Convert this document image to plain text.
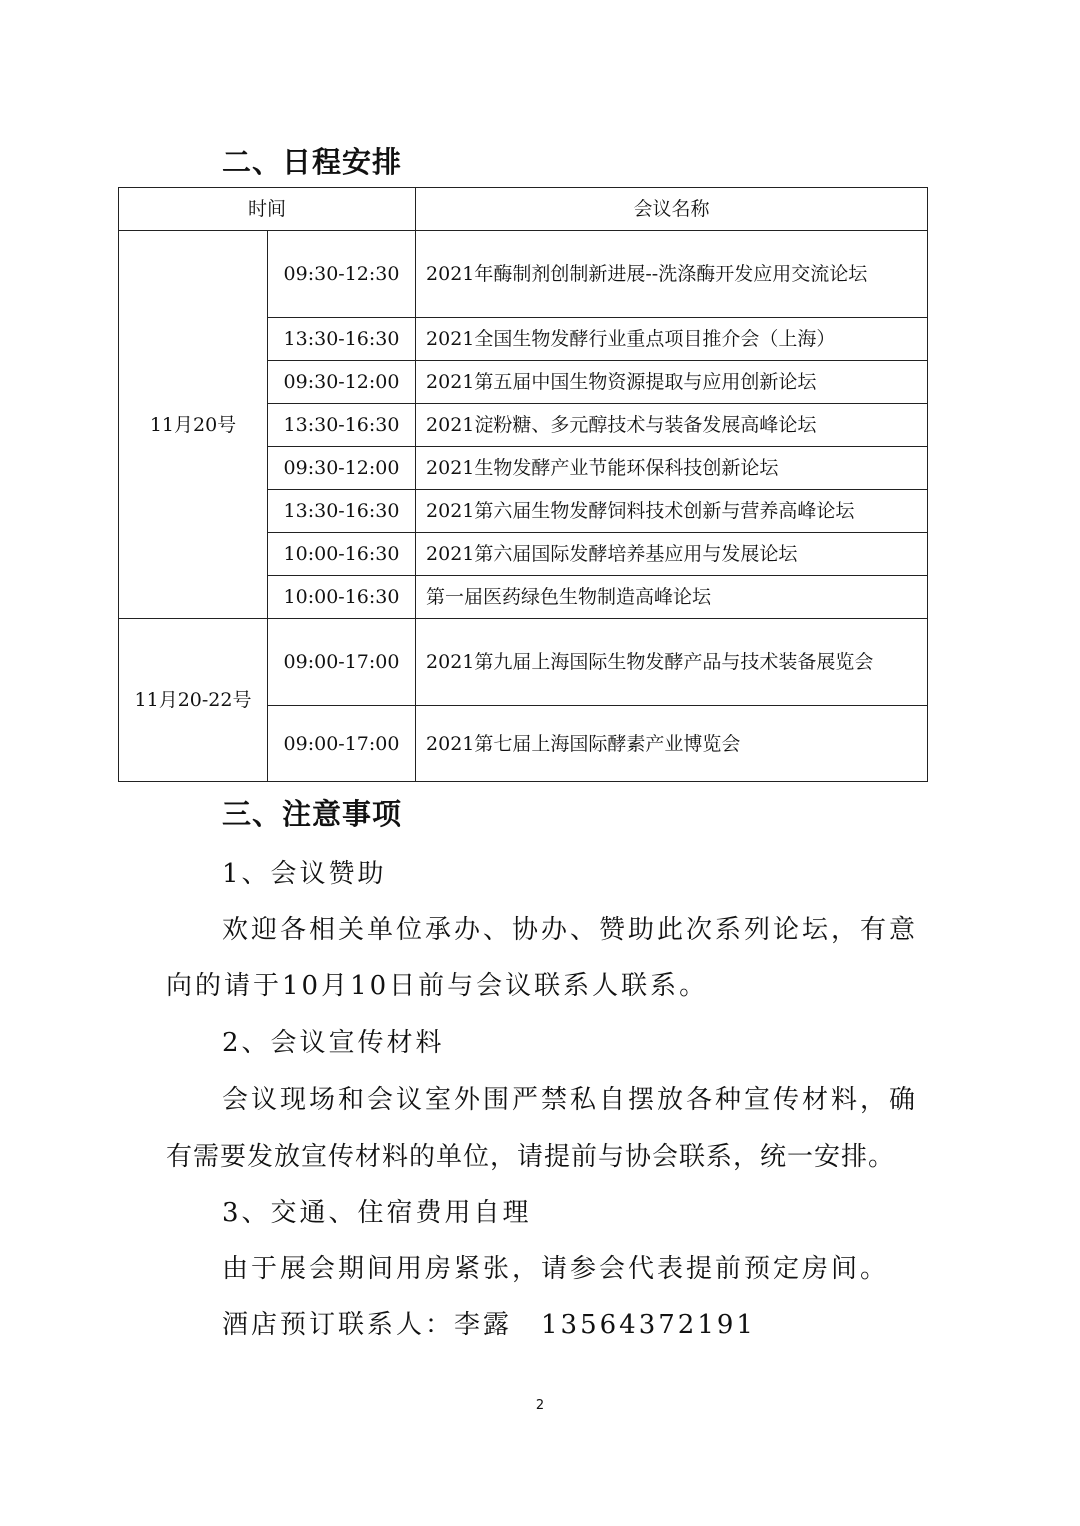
二、日程安排
时间		会议名称
11月20号	09:30-12:30	2021年酶制剂创制新进展--洗涤酶开发应用交流论坛
	13:30-16:30	2021全国生物发酵行业重点项目推介会（上海）
	09:30-12:00	2021第五届中国生物资源提取与应用创新论坛
	13:30-16:30	2021淀粉糖、多元醇技术与装备发展高峰论坛
	09:30-12:00	2021生物发酵产业节能环保科技创新论坛
	13:30-16:30	2021第六届生物发酵饲料技术创新与营养高峰论坛
	10:00-16:30	2021第六届国际发酵培养基应用与发展论坛
	10:00-16:30	第一届医药绿色生物制造高峰论坛
11月20-22号	09:00-17:00	2021第九届上海国际生物发酵产品与技术装备展览会
	09:00-17:00	2021第七届上海国际酵素产业博览会
三、注意事项

1、会议赞助

欢迎各相关单位承办、协办、赞助此次系列论坛，有意

向的请于10月10日前与会议联系人联系。

2、会议宣传材料

会议现场和会议室外围严禁私自摆放各种宣传材料，确

有需要发放宣传材料的单位，请提前与协会联系，统一安排。

3、交通、住宿费用自理

由于展会期间用房紧张，请参会代表提前预定房间。

酒店预订联系人：李露　13564372191

2
